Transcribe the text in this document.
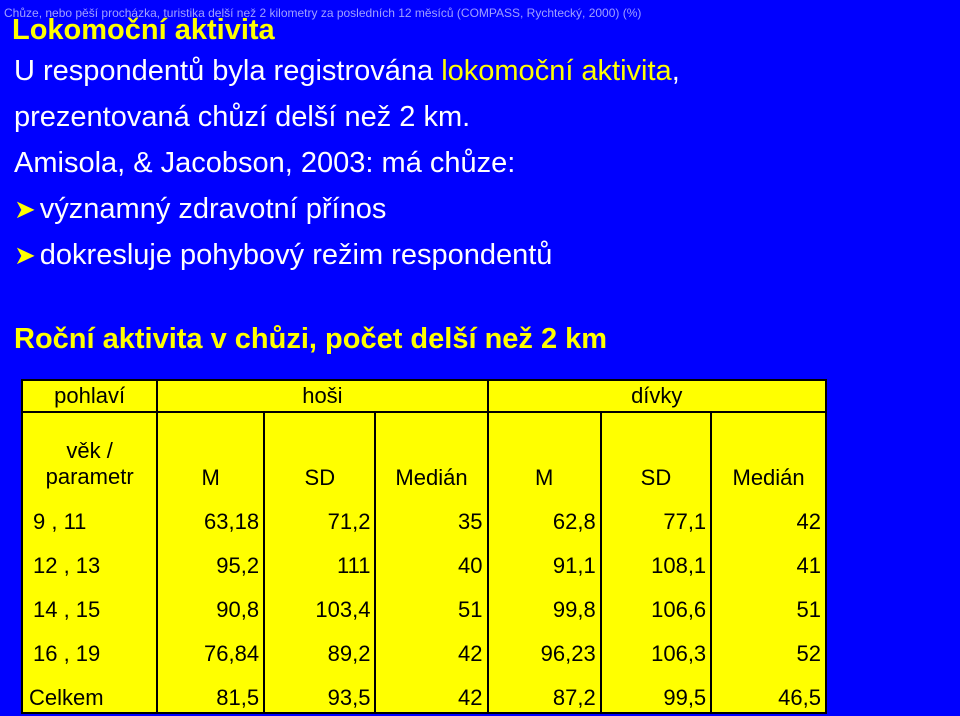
Chůze, nebo pěší procházka, turistika delší než 2 kilometry za posledních 12 měsíců (COMPASS, Rychtecký, 2000) (%)
Lokomoční aktivita
U respondentů byla registrována lokomoční aktivita,
prezentovaná chůzí delší než 2 km.
Amisola, & Jacobson, 2003: má chůze:
➤ významný zdravotní přínos
➤ dokresluje pohybový režim respondentů
Roční aktivita v chůzi, počet delší než 2 km
pohlaví	hoši			dívky		

věk /
parametr	M	SD	Medián	M	SD	Medián
9 , 11	63,18	71,2	35	62,8	77,1	42
12 , 13	95,2	111	40	91,1	108,1	41
14 , 15	90,8	103,4	51	99,8	106,6	51
16 , 19	76,84	89,2	42	96,23	106,3	52
Celkem	81,5	93,5	42	87,2	99,5	46,5
